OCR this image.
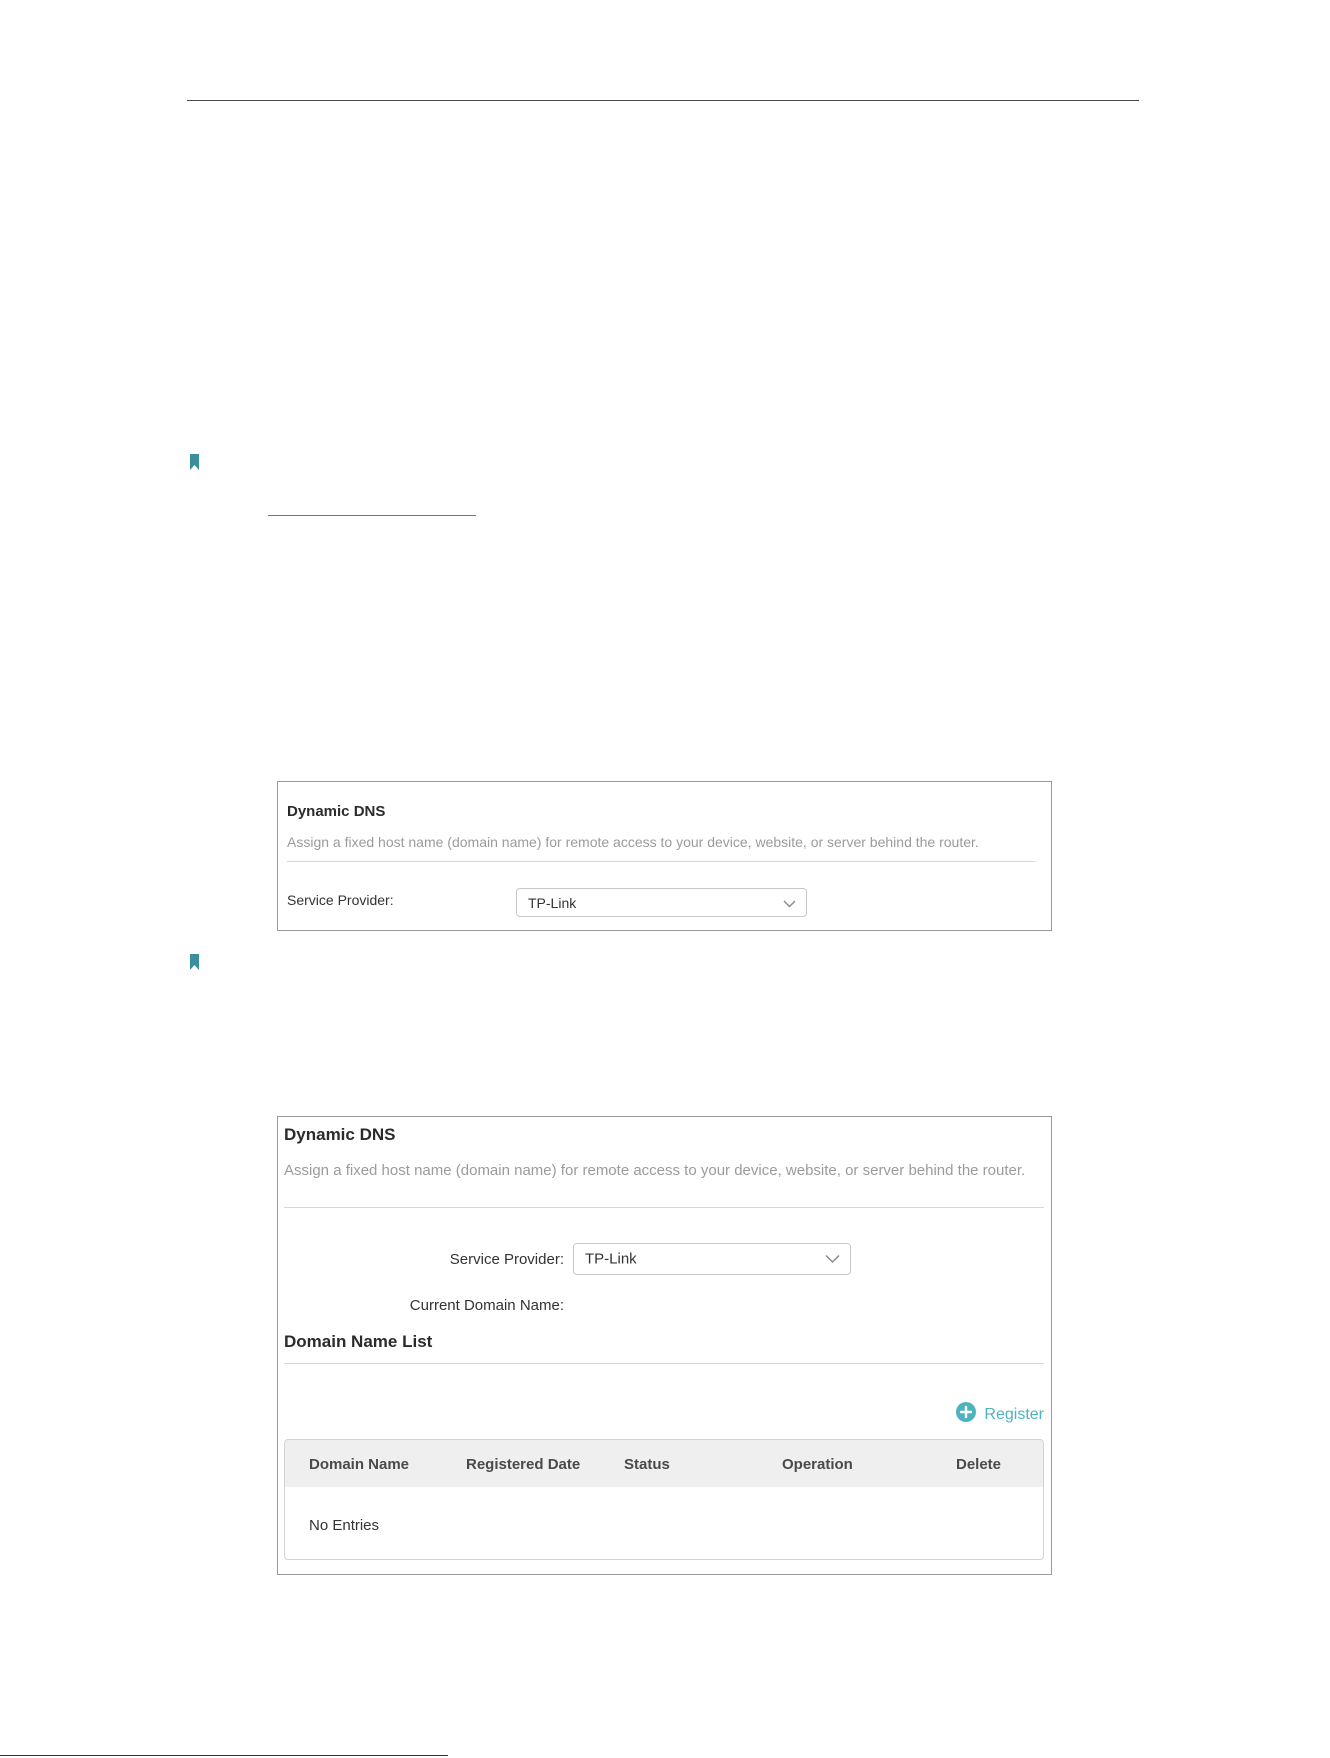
Dynamic DNS
Assign a fixed host name (domain name) for remote access to your device, website, or server behind the router.
Service Provider:	TP-Link
Dynamic DNS
Assign a fixed host name (domain name) for remote access to your device, website, or server behind the router.
Service Provider: TP-Link
Current Domain Name:
Domain Name List
Register
Domain Name	Registered Date	Status	Operation	Delete
No Entries
